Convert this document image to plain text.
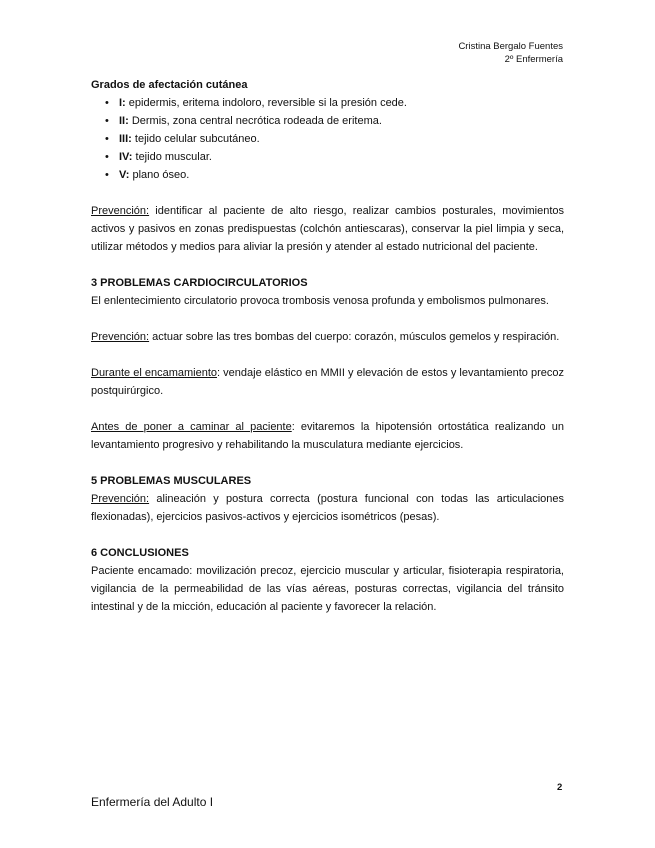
Cristina Bergalo Fuentes
2º Enfermería
Grados de afectación cutánea
• I: epidermis, eritema indoloro, reversible si la presión cede.
• II: Dermis, zona central necrótica rodeada de eritema.
• III: tejido celular subcutáneo.
• IV: tejido muscular.
• V: plano óseo.

Prevención: identificar al paciente de alto riesgo, realizar cambios posturales, movimientos activos y pasivos en zonas predispuestas (colchón antiescaras), conservar la piel limpia y seca, utilizar métodos y medios para aliviar la presión y atender al estado nutricional del paciente.

3 PROBLEMAS CARDIOCIRCULATORIOS

El enlentecimiento circulatorio provoca trombosis venosa profunda y embolismos pulmonares.

Prevención: actuar sobre las tres bombas del cuerpo: corazón, músculos gemelos y respiración.

Durante el encamamiento: vendaje elástico en MMII y elevación de estos y levantamiento precoz postquirúrgico.

Antes de poner a caminar al paciente: evitaremos la hipotensión ortostática realizando un levantamiento progresivo y rehabilitando la musculatura mediante ejercicios.

5 PROBLEMAS MUSCULARES

Prevención: alineación y postura correcta (postura funcional con todas las articulaciones flexionadas), ejercicios pasivos-activos y ejercicios isométricos (pesas).

6 CONCLUSIONES

Paciente encamado: movilización precoz, ejercicio muscular y articular, fisioterapia respiratoria, vigilancia de la permeabilidad de las vías aéreas, posturas correctas, vigilancia del tránsito intestinal y de la micción, educación al paciente y favorecer la relación.

2
Enfermería del Adulto I
